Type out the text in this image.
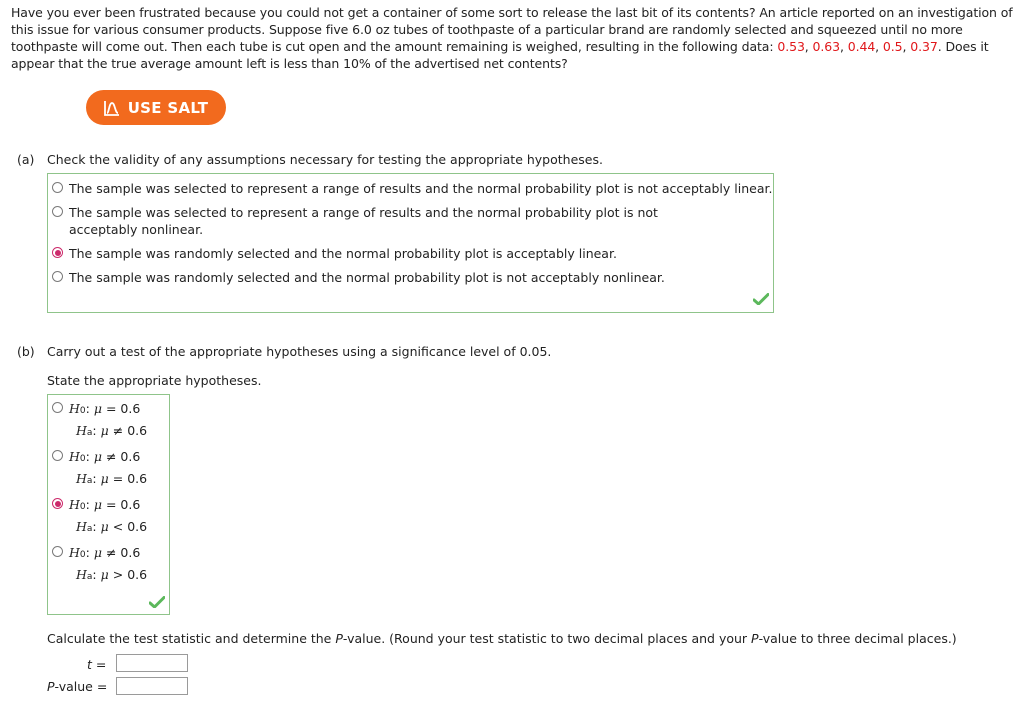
Have you ever been frustrated because you could not get a container of some sort to release the last bit of its contents? An article reported on an investigation of this issue for various consumer products. Suppose five 6.0 oz tubes of toothpaste of a particular brand are randomly selected and squeezed until no more toothpaste will come out. Then each tube is cut open and the amount remaining is weighed, resulting in the following data: 0.53, 0.63, 0.44, 0.5, 0.37. Does it appear that the true average amount left is less than 10% of the advertised net contents?
USE SALT
(a) Check the validity of any assumptions necessary for testing the appropriate hypotheses.
The sample was selected to represent a range of results and the normal probability plot is not acceptably linear.
The sample was selected to represent a range of results and the normal probability plot is not acceptably nonlinear.
The sample was randomly selected and the normal probability plot is acceptably linear.
The sample was randomly selected and the normal probability plot is not acceptably nonlinear.
(b) Carry out a test of the appropriate hypotheses using a significance level of 0.05.
State the appropriate hypotheses.
H 0 : μ
=
0.6
H a : μ
≠
0.6
H 0 : μ
≠
0.6
H a : μ
=
0.6
H 0 : μ
=
0.6
H a : μ
<
0.6
H 0 : μ
≠
0.6
H a : μ
>
0.6
Calculate the test statistic and determine the P-value. (Round your test statistic to two decimal places and your P-value to three decimal places.)
t =
P-value =
